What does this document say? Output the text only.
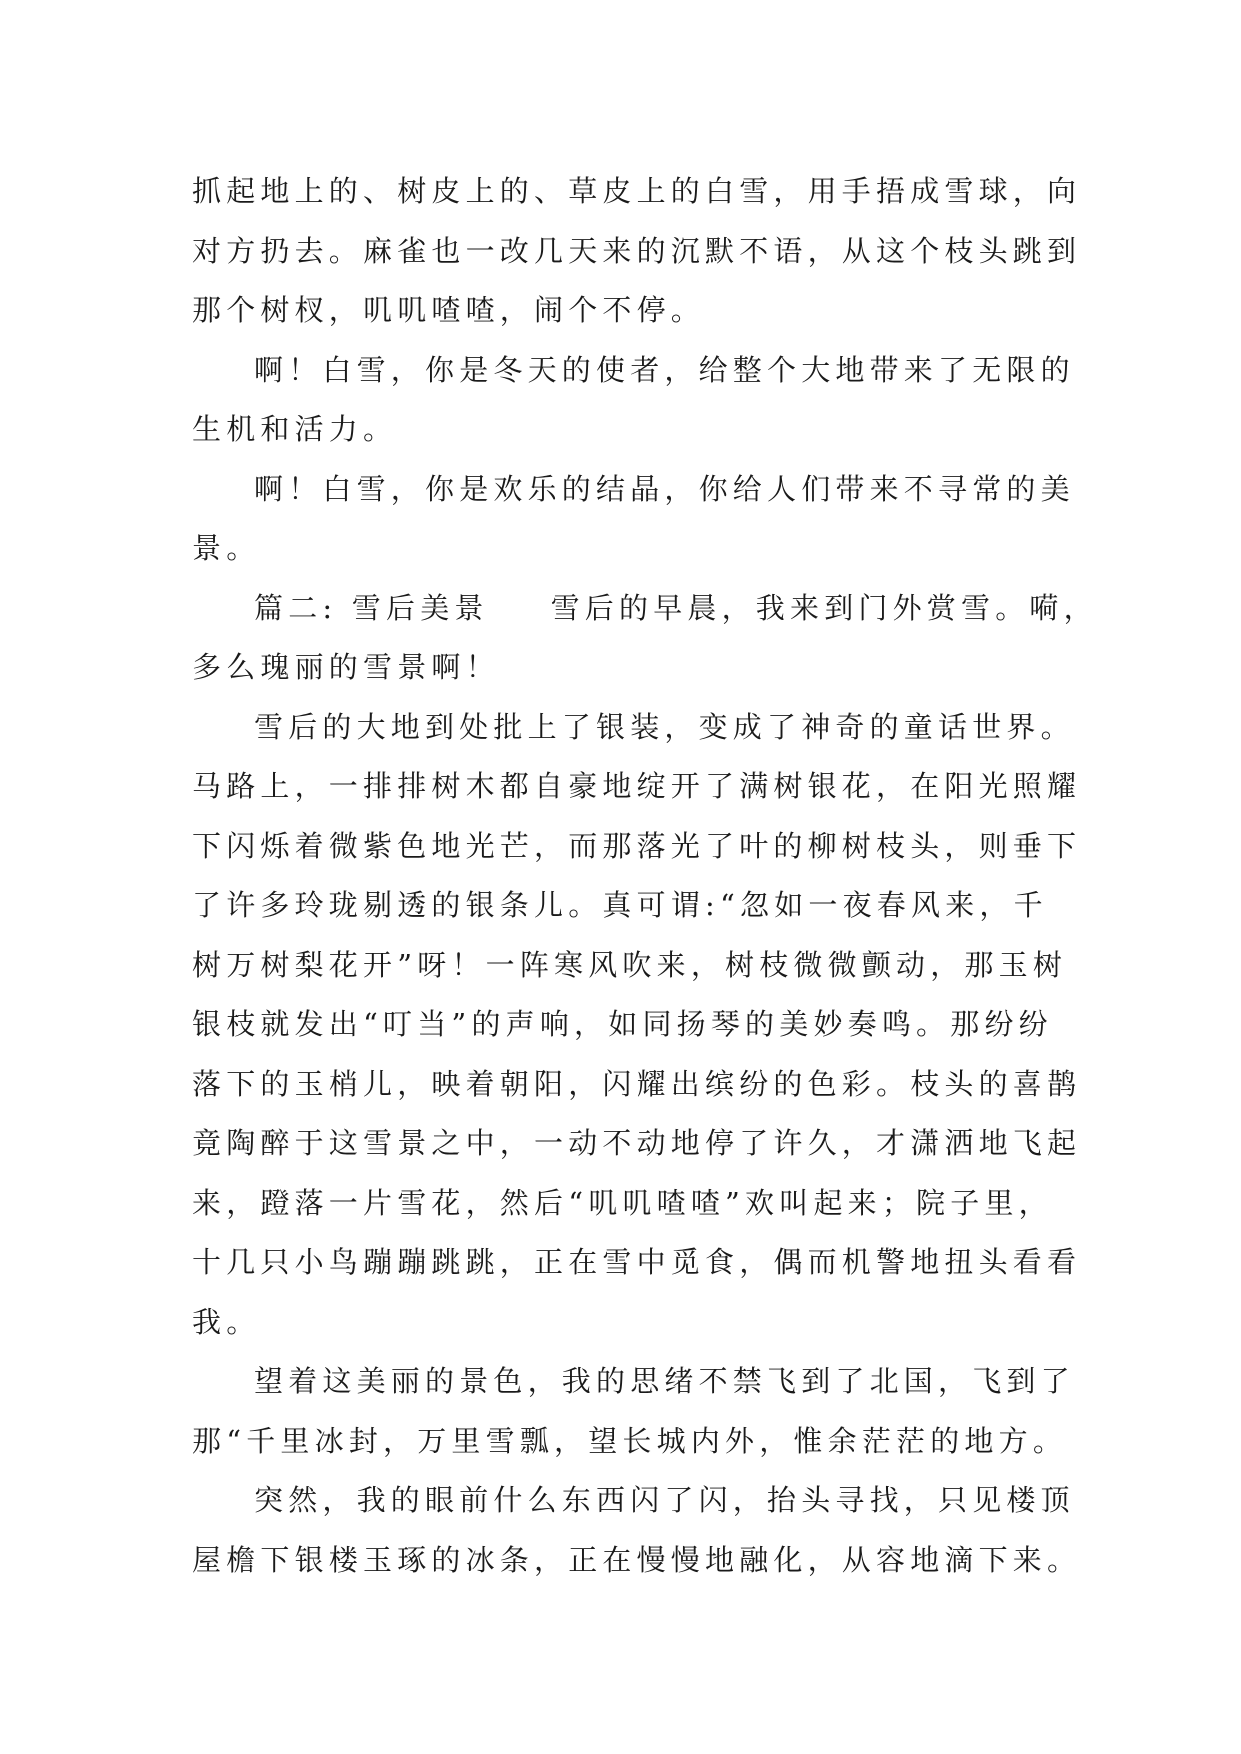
抓起地上的、树皮上的、草皮上的白雪，用手捂成雪球，向
对方扔去。麻雀也一改几天来的沉默不语，从这个枝头跳到
那个树杈，叽叽喳喳，闹个不停。
啊！白雪，你是冬天的使者，给整个大地带来了无限的
生机和活力。
啊！白雪，你是欢乐的结晶，你给人们带来不寻常的美
景。
篇二: 雪后美景 雪后的早晨，我来到门外赏雪。嗬，
多么瑰丽的雪景啊！
雪后的大地到处批上了银装，变成了神奇的童话世界。
马路上，一排排树木都自豪地绽开了满树银花，在阳光照耀
下闪烁着微紫色地光芒，而那落光了叶的柳树枝头，则垂下
了许多玲珑剔透的银条儿。真可谓:“忽如一夜春风来，千
树万树梨花开”呀！一阵寒风吹来，树枝微微颤动，那玉树
银枝就发出“叮当”的声响，如同扬琴的美妙奏鸣。那纷纷
落下的玉梢儿，映着朝阳，闪耀出缤纷的色彩。枝头的喜鹊
竟陶醉于这雪景之中，一动不动地停了许久，才潇洒地飞起
来，蹬落一片雪花，然后“叽叽喳喳”欢叫起来；院子里，
十几只小鸟蹦蹦跳跳，正在雪中觅食，偶而机警地扭头看看
我。
望着这美丽的景色，我的思绪不禁飞到了北国，飞到了
那“千里冰封，万里雪瓢，望长城内外，惟余茫茫的地方。
突然，我的眼前什么东西闪了闪，抬头寻找，只见楼顶
屋檐下银楼玉琢的冰条，正在慢慢地融化，从容地滴下来。
